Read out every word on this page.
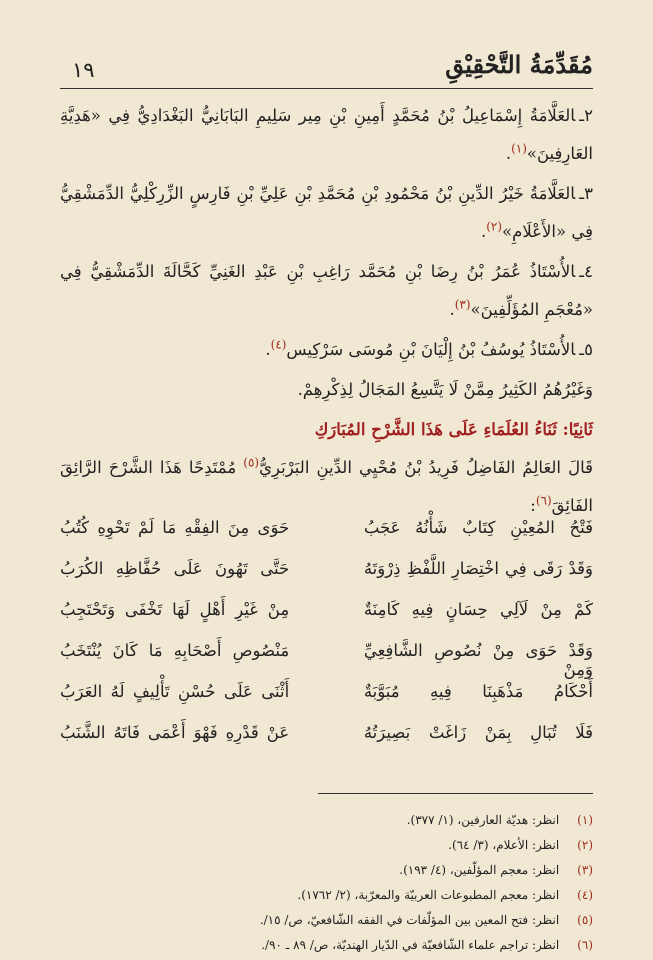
١٩	مُقَدِّمَةُ التَّحْقِيْقِ

٢ـالعَلَّامَةُ إِسْمَاعِيلُ بْنُ مُحَمَّدٍ أَمِينِ بْنِ مِير سَلِيمِ البَابَانِيُّ البَغْدَادِيُّ فِي «هَدِيَّةِ العَارِفِينَ»$^{(١)}$.

٣ـالعَلَّامَةُ خَيْرُ الدِّينِ بْنُ مَحْمُودِ بْنِ مُحَمَّدِ بْنِ عَلِيِّ بْنِ فَارِسٍ الزِّرِكْلِيُّ الدِّمَشْقِيُّ فِي «الأَعْلَامِ»$^{(٢)}$.

٤ـالأُسْتَاذُ عُمَرُ بْنُ رِضَا بْنِ مُحَمَّد رَاغِبِ بْنِ عَبْدِ الغَنِيِّ كَحَّالَةَ الدِّمَشْقِيُّ فِي «مُعْجَمِ المُؤَلِّفِينَ»$^{(٣)}$.

٥ـالأُسْتَاذُ يُوسُفُ بْنُ إِلْيَانَ بْنِ مُوسَى سَرْكِيس$^{(٤)}$.

وَغَيْرُهُمُ الكَثِيرُ مِمَّنْ لَا يَتَّسِعُ المَجَالُ لِذِكْرِهِمْ.

ثَانِيًا: ثَنَاءُ العُلَمَاءِ عَلَى هَذَا الشَّرْحِ المُبَارَكِ

قَالَ العَالِمُ الفَاضِلُ فَرِيدُ بْنُ مُحْيِي الدِّينِ البَرْبَرِيُّ$^{(٥)}$ مُمْتَدِحًا هَذَا الشَّرْحَ الرَّائِقَ الفَائِقَ$^{(٦)}$:

فَتْحُ المُعِيْنِ كِتَابٌ شَأْنُهُ عَجَبُ
حَوَى مِنَ الفِقْهِ مَا لَمْ تَحْوِهِ كُتُبُ
وَقَدْ رَقَى فِي اخْتِصَارِ اللَّفْظِ ذِرْوَتَهُ
حَتَّى تَهُونَ عَلَى حُفَّاظِهِ الكُرَبُ
كَمْ مِنْ لَآلِي حِسَانٍ فِيهِ كَامِنَةٌ
مِنْ غَيْرِ أَهْلٍ لَهَا تَخْفَى وَتَحْتَجِبُ
وَقَدْ حَوَى مِنْ نُصُوصِ الشَّافِعِيِّ وَمِنْ
مَنْصُوصِ أَصْحَابِهِ مَا كَانَ يُنْتَخَبُ
أَحْكَامُ مَذْهَبِنَا فِيهِ مُبَوَّبَةٌ
أَثْنَى عَلَى حُسْنِ تَأْلِيفٍ لَهُ العَرَبُ
فَلَا تُبَالِ بِمَنْ زَاغَتْ بَصِيرَتُهُ
عَنْ قَدْرِهِ فَهْوَ أَعْمَى فَاتَهُ الشَّنَبُ
(١) انظر: هديّة العارفين، (١/ ٣٧٧).
(٢) انظر: الأعلام، (٣/ ٦٤).
(٣) انظر: معجم المؤلّفين، (٤/ ١٩٣).
(٤) انظر: معجم المطبوعات العربيّة والمعرّبة، (٢/ ١٧٦٢).
(٥) انظر: فتح المعين بين المؤلّفات في الفقه الشّافعيّ، ص/ ١٥/.
(٦) انظر: تراجم علماء الشّافعيّة في الدّيار الهنديّة، ص/ ٨٩ ـ ٩٠/.
